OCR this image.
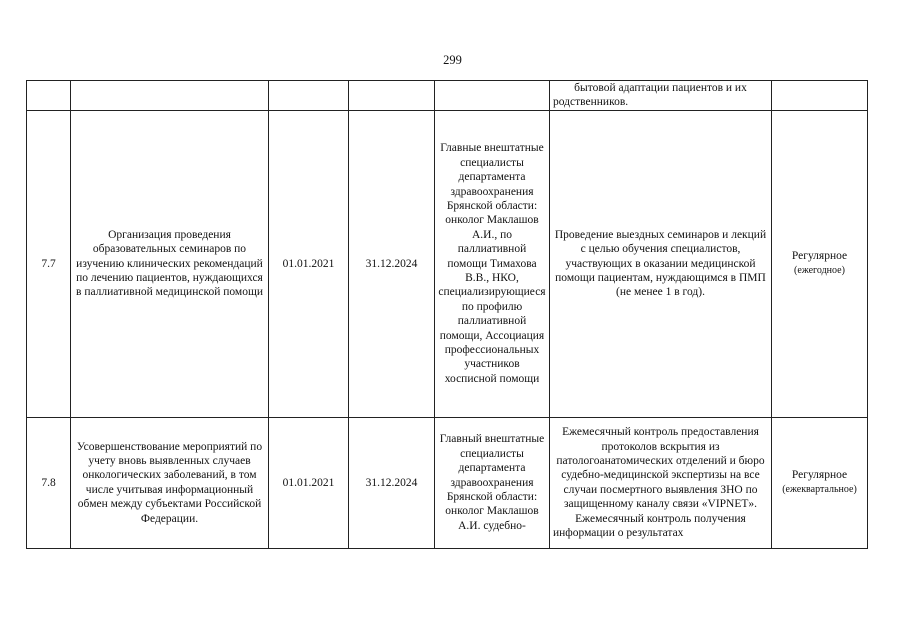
299
					бытовой адаптации пациентов и их родственников.	

7.7	Организация проведения образовательных семинаров по изучению клинических рекомендаций по лечению пациентов, нуждающихся в паллиативной медицинской помощи	01.01.2021	31.12.2024	Главные внештатные специалисты департамента здравоохранения Брянской области: онколог Маклашов А.И., по паллиативной помощи Тимахова В.В., НКО, специализирующиеся по профилю паллиативной помощи, Ассоциация профессиональных участников хосписной помощи	Проведение выездных семинаров и лекций с целью обучения специалистов, участвующих в оказании медицинской помощи пациентам, нуждающимся в ПМП (не менее 1 в год).	Регулярное
(ежегодное)

7.8	Усовершенствование мероприятий по учету вновь выявленных случаев онкологических заболеваний, в том числе учитывая информационный обмен между субъектами Российской Федерации.	01.01.2021	31.12.2024	Главный внештатные специалисты департамента здравоохранения Брянской области: онколог Маклашов А.И. судебно-	Ежемесячный контроль предоставления протоколов вскрытия из патологоанатомических отделений и бюро судебно-медицинской экспертизы на все случаи посмертного выявления ЗНО по защищенному каналу связи «VIPNET». Ежемесячный контроль получения информации о результатах	Регулярное
(ежеквартальное)
